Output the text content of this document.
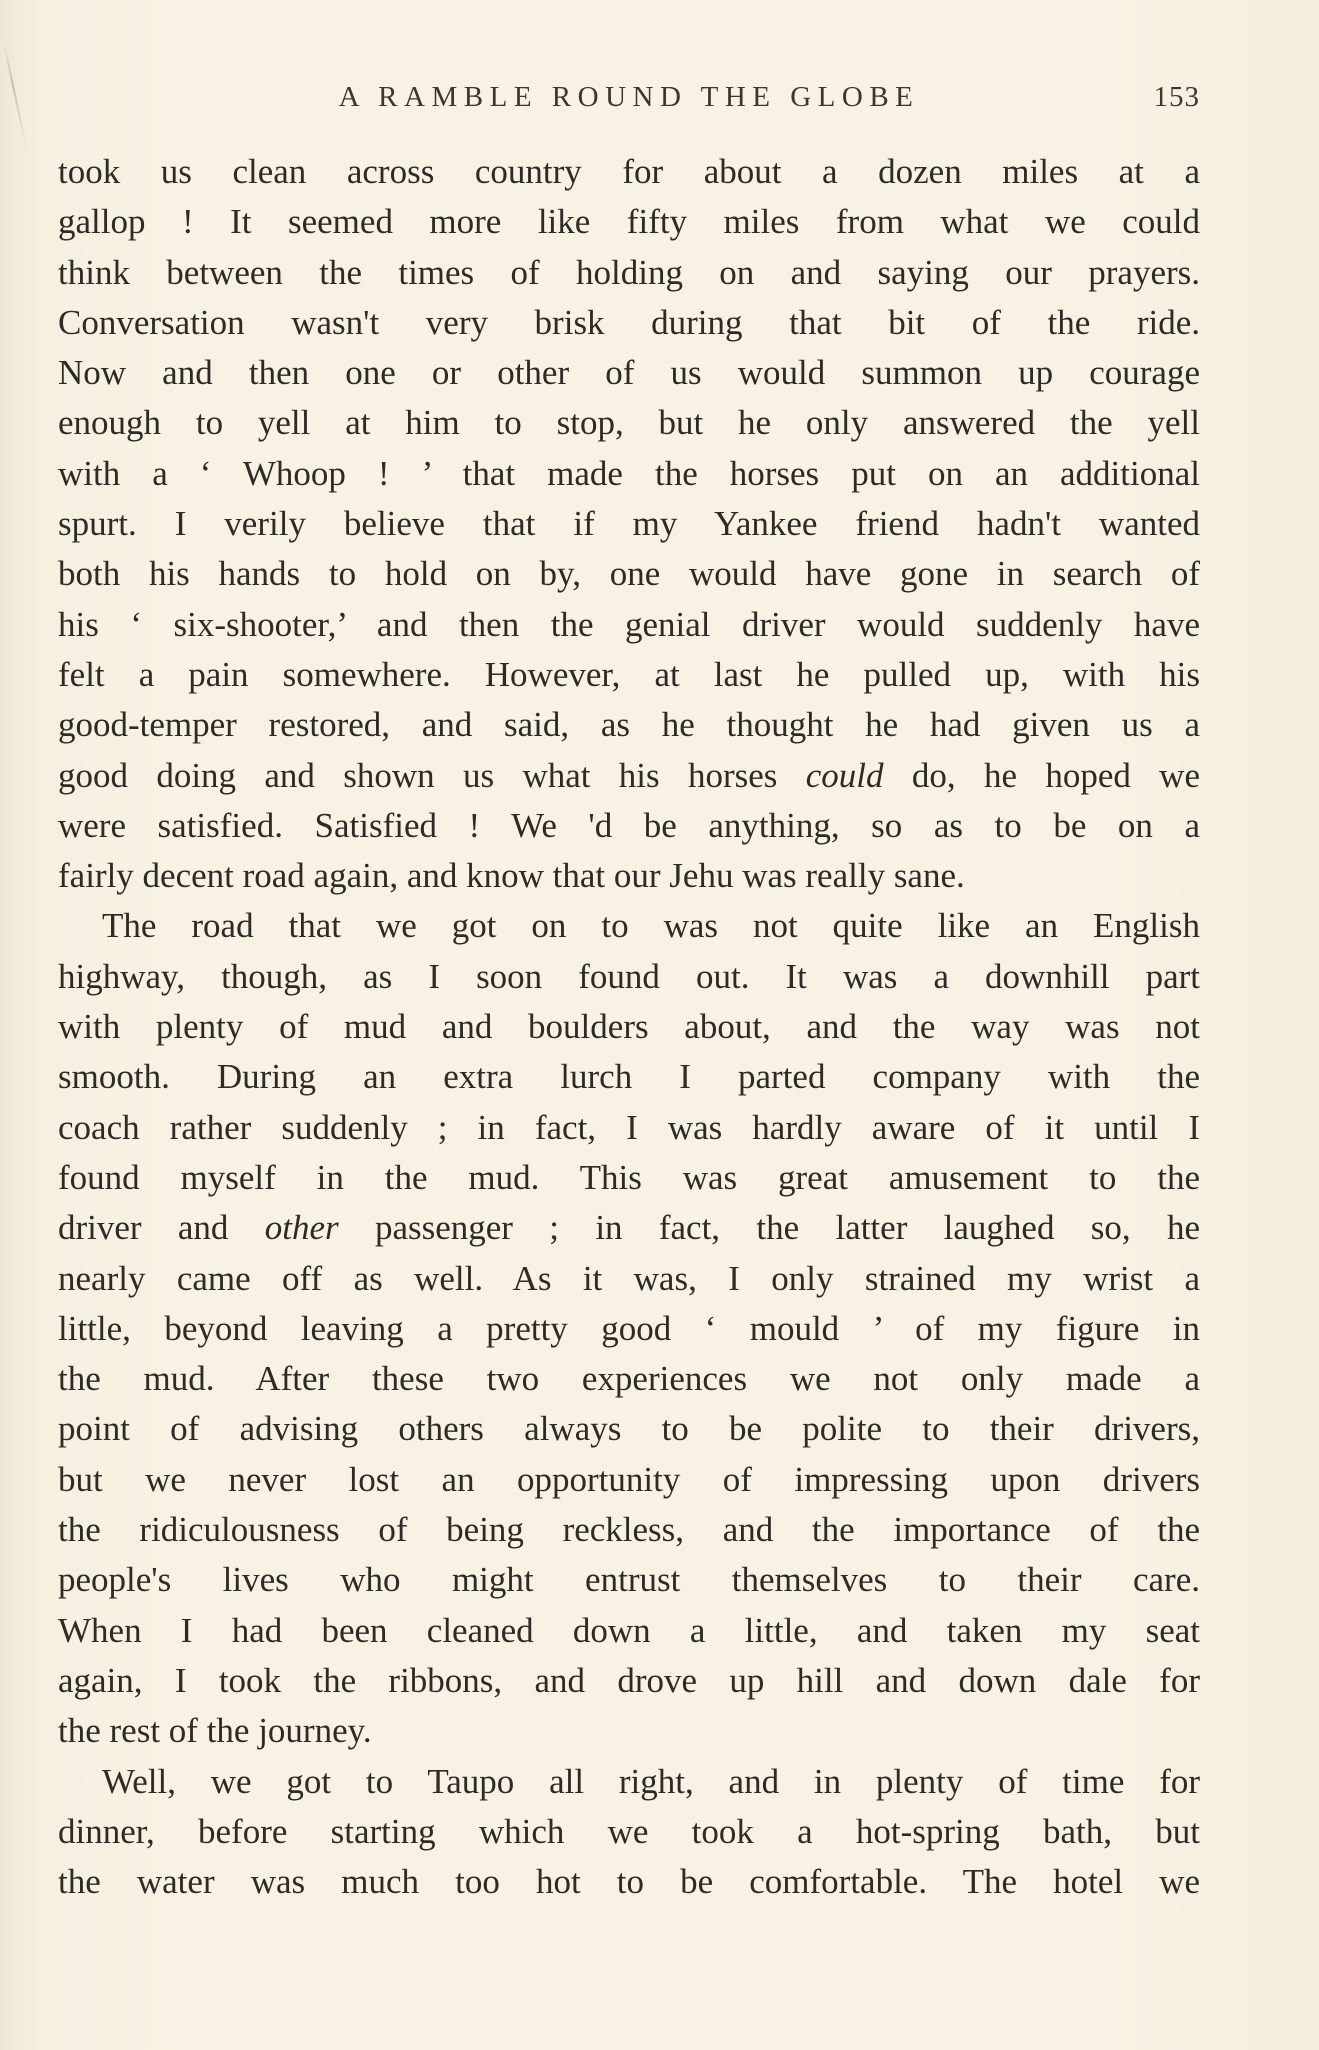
A RAMBLE ROUND THE GLOBE	153
took us clean across country for about a dozen miles at a
gallop ! It seemed more like fifty miles from what we could
think between the times of holding on and saying our prayers.
Conversation wasn't very brisk during that bit of the ride.
Now and then one or other of us would summon up courage
enough to yell at him to stop, but he only answered the yell
with a ‘ Whoop ! ’ that made the horses put on an additional
spurt. I verily believe that if my Yankee friend hadn't wanted
both his hands to hold on by, one would have gone in search of
his ‘ six-shooter,’ and then the genial driver would suddenly have
felt a pain somewhere. However, at last he pulled up, with his
good-temper restored, and said, as he thought he had given us a
good doing and shown us what his horses could do, he hoped we
were satisfied. Satisfied ! We 'd be anything, so as to be on a
fairly decent road again, and know that our Jehu was really sane.
The road that we got on to was not quite like an English
highway, though, as I soon found out. It was a downhill part
with plenty of mud and boulders about, and the way was not
smooth. During an extra lurch I parted company with the
coach rather suddenly ; in fact, I was hardly aware of it until I
found myself in the mud. This was great amusement to the
driver and other passenger ; in fact, the latter laughed so, he
nearly came off as well. As it was, I only strained my wrist a
little, beyond leaving a pretty good ‘ mould ’ of my figure in
the mud. After these two experiences we not only made a
point of advising others always to be polite to their drivers,
but we never lost an opportunity of impressing upon drivers
the ridiculousness of being reckless, and the importance of the
people's lives who might entrust themselves to their care.
When I had been cleaned down a little, and taken my seat
again, I took the ribbons, and drove up hill and down dale for
the rest of the journey.
Well, we got to Taupo all right, and in plenty of time for
dinner, before starting which we took a hot-spring bath, but
the water was much too hot to be comfortable. The hotel we
